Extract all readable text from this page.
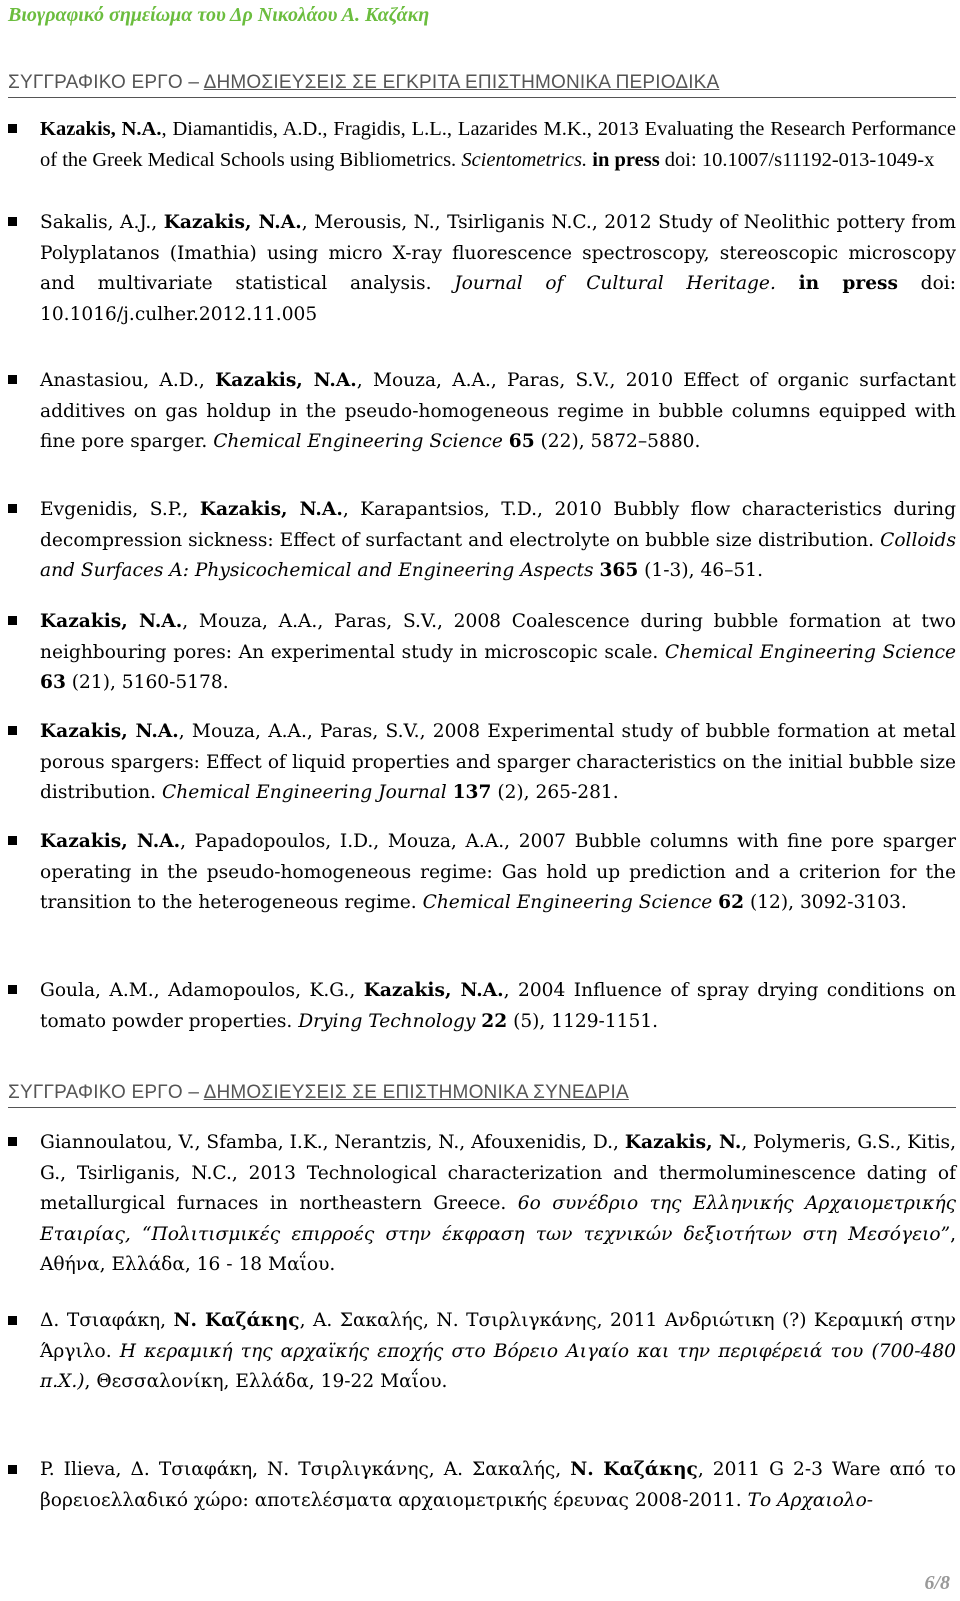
Βιογραφικό σημείωμα του Δρ Νικολάου Α. Καζάκη
ΣΥΓΓΡΑΦΙΚΟ ΕΡΓΟ – ΔΗΜΟΣΙΕΥΣΕΙΣ ΣΕ ΕΓΚΡΙΤΑ ΕΠΙΣΤΗΜΟΝΙΚΑ ΠΕΡΙΟΔΙΚΑ
Kazakis, N.A., Diamantidis, A.D., Fragidis, L.L., Lazarides M.K., 2013 Evaluating the Research Performance of the Greek Medical Schools using Bibliometrics. Scientometrics. in press doi: 10.1007/s11192-013-1049-x
Sakalis, A.J., Kazakis, N.A., Merousis, N., Tsirliganis N.C., 2012 Study of Neolithic pottery from Polyplatanos (Imathia) using micro X-ray fluorescence spectroscopy, stereoscopic microscopy and multivariate statistical analysis. Journal of Cultural Heritage. in press doi: 10.1016/j.culher.2012.11.005
Anastasiou, A.D., Kazakis, N.A., Mouza, A.A., Paras, S.V., 2010 Effect of organic surfactant additives on gas holdup in the pseudo-homogeneous regime in bubble columns equipped with fine pore sparger. Chemical Engineering Science 65 (22), 5872–5880.
Evgenidis, S.P., Kazakis, N.A., Karapantsios, T.D., 2010 Bubbly flow characteristics during decompression sickness: Effect of surfactant and electrolyte on bubble size distribution. Colloids and Surfaces A: Physicochemical and Engineering Aspects 365 (1-3), 46–51.
Kazakis, N.A., Mouza, A.A., Paras, S.V., 2008 Coalescence during bubble formation at two neighbouring pores: An experimental study in microscopic scale. Chemical Engineering Science 63 (21), 5160-5178.
Kazakis, N.A., Mouza, A.A., Paras, S.V., 2008 Experimental study of bubble formation at metal porous spargers: Effect of liquid properties and sparger characteristics on the initial bubble size distribution. Chemical Engineering Journal 137 (2), 265-281.
Kazakis, N.A., Papadopoulos, I.D., Mouza, A.A., 2007 Bubble columns with fine pore sparger operating in the pseudo-homogeneous regime: Gas hold up prediction and a criterion for the transition to the heterogeneous regime. Chemical Engineering Science 62 (12), 3092-3103.
Goula, A.M., Adamopoulos, K.G., Kazakis, N.A., 2004 Influence of spray drying conditions on tomato powder properties. Drying Technology 22 (5), 1129-1151.
ΣΥΓΓΡΑΦΙΚΟ ΕΡΓΟ – ΔΗΜΟΣΙΕΥΣΕΙΣ ΣΕ ΕΠΙΣΤΗΜΟΝΙΚΑ ΣΥΝΕΔΡΙΑ
Giannoulatou, V., Sfamba, I.K., Nerantzis, N., Afouxenidis, D., Kazakis, N., Polymeris, G.S., Kitis, G., Tsirliganis, N.C., 2013 Technological characterization and thermoluminescence dating of metallurgical furnaces in northeastern Greece. 6ο συνέδριο της Ελληνικής Αρχαιομετρικής Εταιρίας, “Πολιτισμικές επιρροές στην έκφραση των τεχνικών δεξιοτήτων στη Μεσόγειο”, Αθήνα, Ελλάδα, 16 - 18 Μαΐου.
Δ. Τσιαφάκη, Ν. Καζάκης, Α. Σακαλής, Ν. Τσιρλιγκάνης, 2011 Ανδριώτικη (?) Κεραμική στην Άργιλο. Η κεραμική της αρχαϊκής εποχής στο Βόρειο Αιγαίο και την περιφέρειά του (700-480 π.Χ.), Θεσσαλονίκη, Ελλάδα, 19-22 Μαΐου.
P. Ilieva, Δ. Τσιαφάκη, Ν. Τσιρλιγκάνης, Α. Σακαλής, Ν. Καζάκης, 2011 G 2-3 Ware από το βορειοελλαδικό χώρο: αποτελέσματα αρχαιομετρικής έρευνας 2008-2011. Το Αρχαιολο-
6/8
